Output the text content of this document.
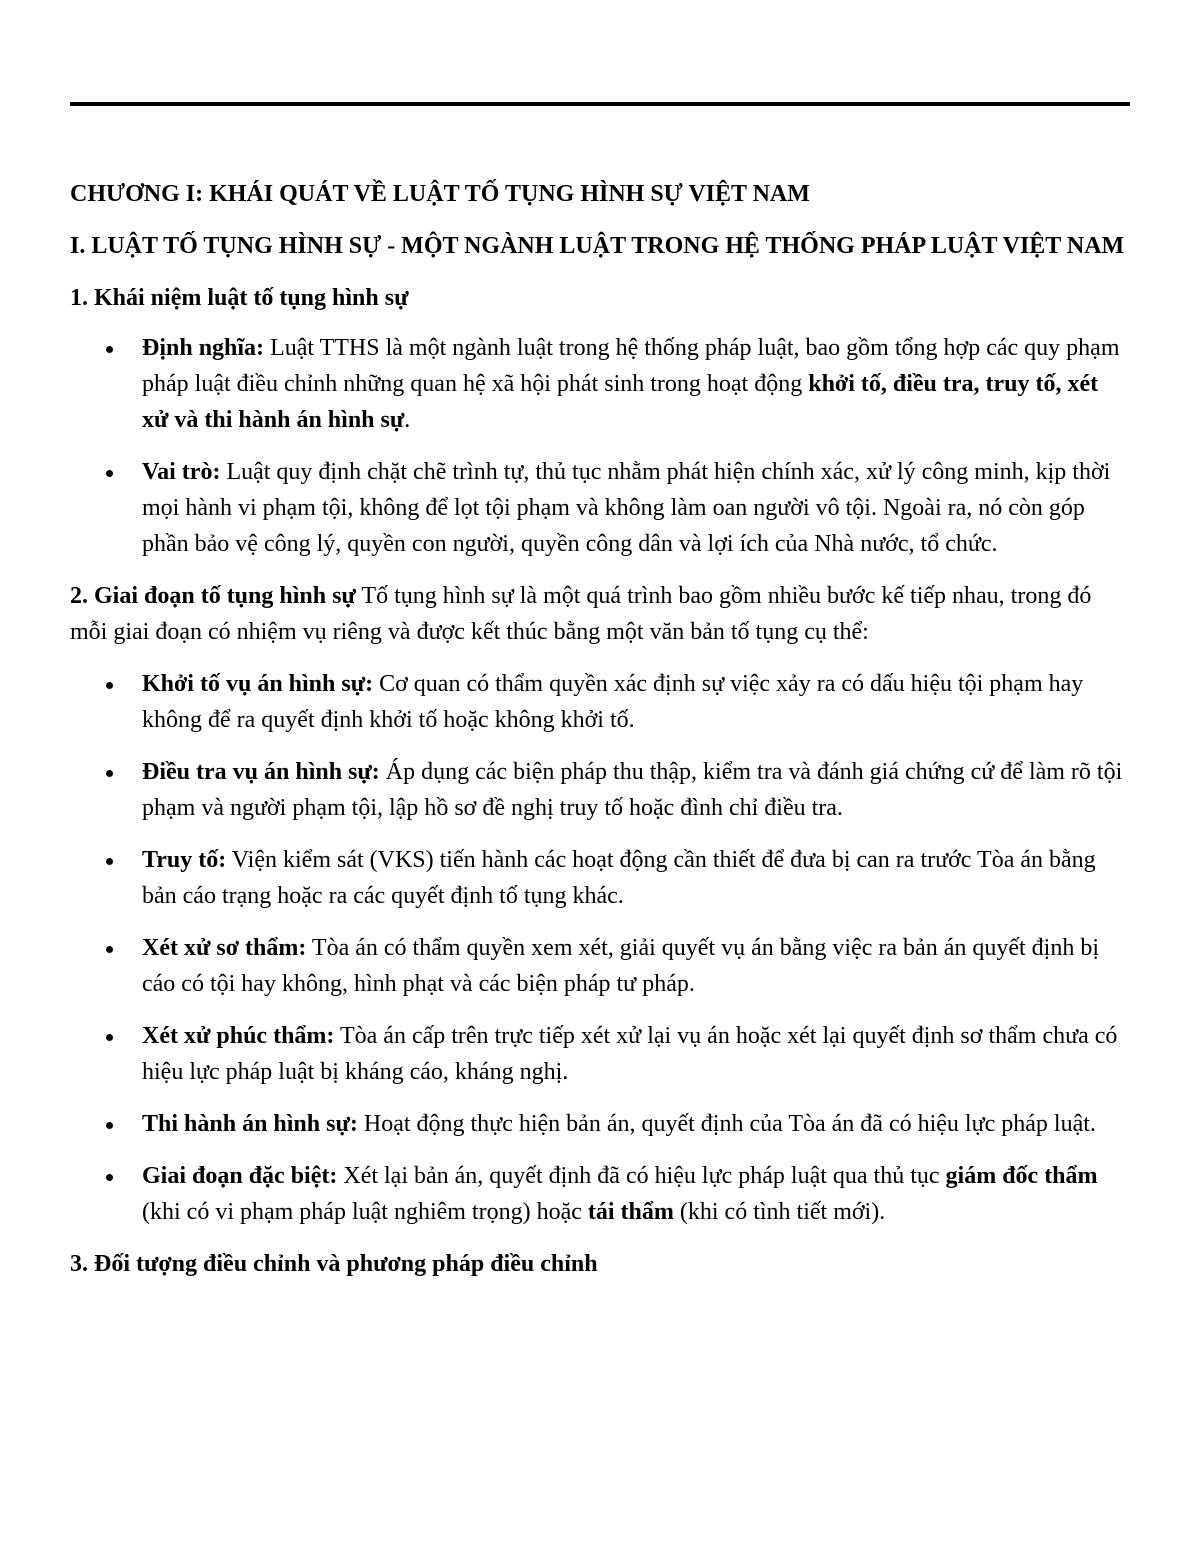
CHƯƠNG I: KHÁI QUÁT VỀ LUẬT TỐ TỤNG HÌNH SỰ VIỆT NAM

I. LUẬT TỐ TỤNG HÌNH SỰ - MỘT NGÀNH LUẬT TRONG HỆ THỐNG PHÁP LUẬT VIỆT NAM

1. Khái niệm luật tố tụng hình sự

Định nghĩa: Luật TTHS là một ngành luật trong hệ thống pháp luật, bao gồm tổng hợp các quy phạm pháp luật điều chỉnh những quan hệ xã hội phát sinh trong hoạt động khởi tố, điều tra, truy tố, xét xử và thi hành án hình sự.
Vai trò: Luật quy định chặt chẽ trình tự, thủ tục nhằm phát hiện chính xác, xử lý công minh, kịp thời mọi hành vi phạm tội, không để lọt tội phạm và không làm oan người vô tội. Ngoài ra, nó còn góp phần bảo vệ công lý, quyền con người, quyền công dân và lợi ích của Nhà nước, tổ chức.

2. Giai đoạn tố tụng hình sự Tố tụng hình sự là một quá trình bao gồm nhiều bước kế tiếp nhau, trong đó mỗi giai đoạn có nhiệm vụ riêng và được kết thúc bằng một văn bản tố tụng cụ thể:

Khởi tố vụ án hình sự: Cơ quan có thẩm quyền xác định sự việc xảy ra có dấu hiệu tội phạm hay không để ra quyết định khởi tố hoặc không khởi tố.
Điều tra vụ án hình sự: Áp dụng các biện pháp thu thập, kiểm tra và đánh giá chứng cứ để làm rõ tội phạm và người phạm tội, lập hồ sơ đề nghị truy tố hoặc đình chỉ điều tra.
Truy tố: Viện kiểm sát (VKS) tiến hành các hoạt động cần thiết để đưa bị can ra trước Tòa án bằng bản cáo trạng hoặc ra các quyết định tố tụng khác.
Xét xử sơ thẩm: Tòa án có thẩm quyền xem xét, giải quyết vụ án bằng việc ra bản án quyết định bị cáo có tội hay không, hình phạt và các biện pháp tư pháp.
Xét xử phúc thẩm: Tòa án cấp trên trực tiếp xét xử lại vụ án hoặc xét lại quyết định sơ thẩm chưa có hiệu lực pháp luật bị kháng cáo, kháng nghị.
Thi hành án hình sự: Hoạt động thực hiện bản án, quyết định của Tòa án đã có hiệu lực pháp luật.
Giai đoạn đặc biệt: Xét lại bản án, quyết định đã có hiệu lực pháp luật qua thủ tục giám đốc thẩm (khi có vi phạm pháp luật nghiêm trọng) hoặc tái thẩm (khi có tình tiết mới).

3. Đối tượng điều chỉnh và phương pháp điều chỉnh
